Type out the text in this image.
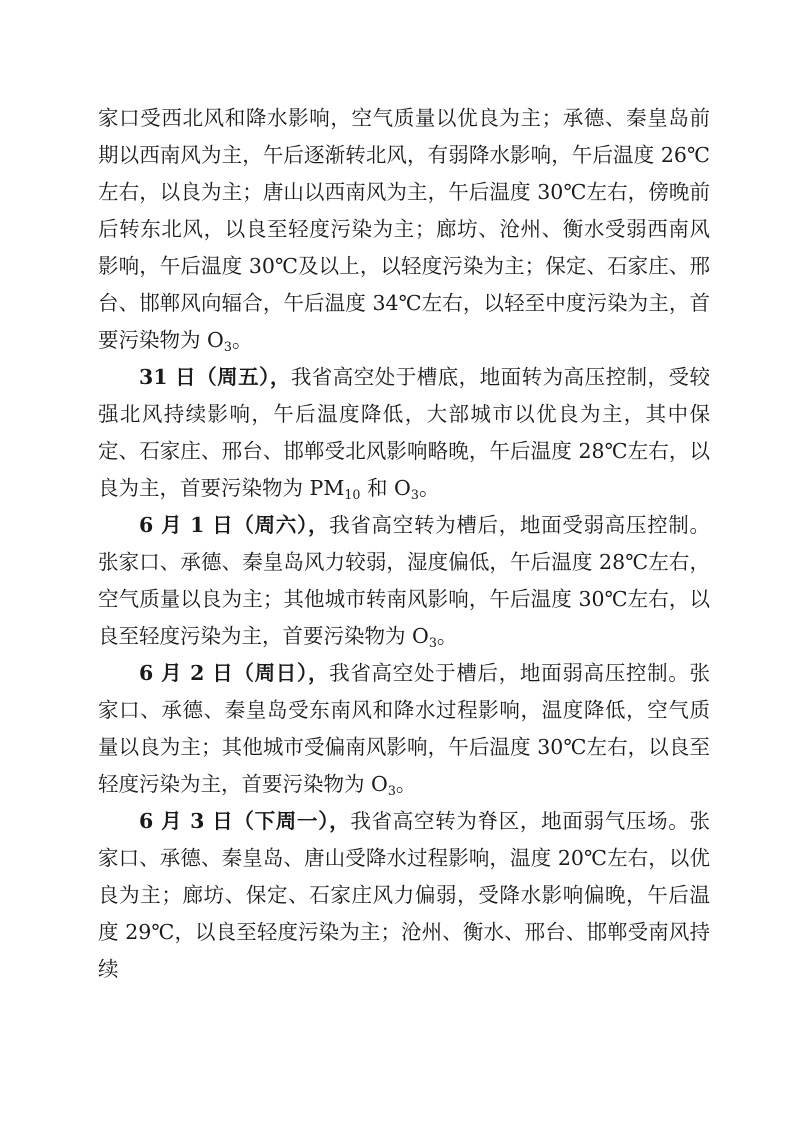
家口受西北风和降水影响，空气质量以优良为主；承德、秦皇岛前期以西南风为主，午后逐渐转北风，有弱降水影响，午后温度 26℃左右，以良为主；唐山以西南风为主，午后温度 30℃左右，傍晚前后转东北风，以良至轻度污染为主；廊坊、沧州、衡水受弱西南风影响，午后温度 30℃及以上，以轻度污染为主；保定、石家庄、邢台、邯郸风向辐合，午后温度 34℃左右，以轻至中度污染为主，首要污染物为 $O_3$。

31 日（周五），我省高空处于槽底，地面转为高压控制，受较强北风持续影响，午后温度降低，大部城市以优良为主，其中保定、石家庄、邢台、邯郸受北风影响略晚，午后温度 28℃左右，以良为主，首要污染物为 $PM_{10}$ 和 $O_3$。

6 月 1 日（周六），我省高空转为槽后，地面受弱高压控制。张家口、承德、秦皇岛风力较弱，湿度偏低，午后温度 28℃左右，空气质量以良为主；其他城市转南风影响，午后温度 30℃左右，以良至轻度污染为主，首要污染物为 $O_3$。

6 月 2 日（周日），我省高空处于槽后，地面弱高压控制。张家口、承德、秦皇岛受东南风和降水过程影响，温度降低，空气质量以良为主；其他城市受偏南风影响，午后温度 30℃左右，以良至轻度污染为主，首要污染物为 $O_3$。

6 月 3 日（下周一），我省高空转为脊区，地面弱气压场。张家口、承德、秦皇岛、唐山受降水过程影响，温度 20℃左右，以优良为主；廊坊、保定、石家庄风力偏弱，受降水影响偏晚，午后温度 29℃，以良至轻度污染为主；沧州、衡水、邢台、邯郸受南风持续
